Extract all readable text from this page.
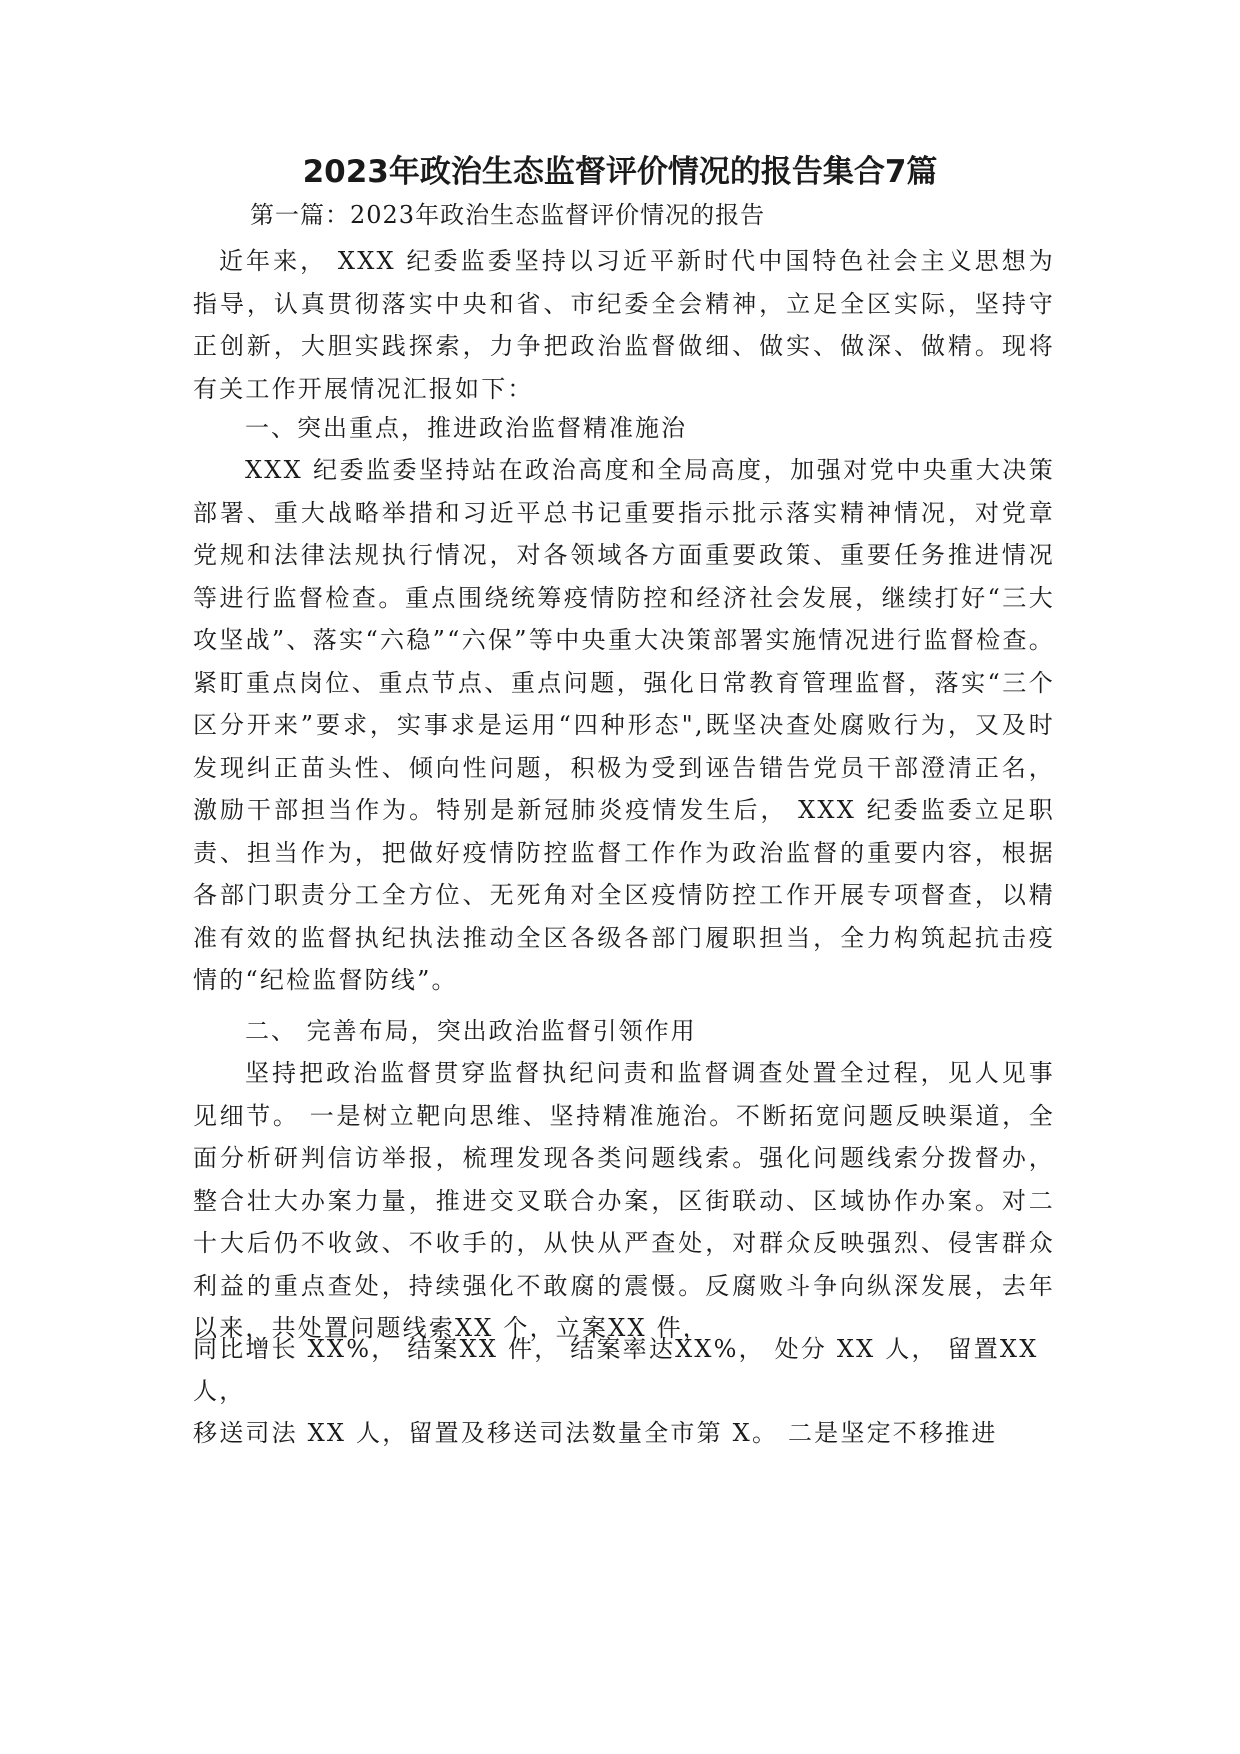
2023年政治生态监督评价情况的报告集合7篇
第一篇：2023年政治生态监督评价情况的报告
近年来， XXX 纪委监委坚持以习近平新时代中国特色社会主义思想为指导，认真贯彻落实中央和省、市纪委全会精神，立足全区实际，坚持守正创新，大胆实践探索，力争把政治监督做细、做实、做深、做精。现将有关工作开展情况汇报如下：
一、突出重点，推进政治监督精准施治
XXX 纪委监委坚持站在政治高度和全局高度，加强对党中央重大决策部署、重大战略举措和习近平总书记重要指示批示落实精神情况，对党章党规和法律法规执行情况，对各领域各方面重要政策、重要任务推进情况等进行监督检查。重点围绕统筹疫情防控和经济社会发展，继续打好“三大攻坚战”、落实“六稳”“六保”等中央重大决策部署实施情况进行监督检查。紧盯重点岗位、重点节点、重点问题，强化日常教育管理监督，落实“三个区分开来”要求，实事求是运用“四种形态",既坚决查处腐败行为，又及时发现纠正苗头性、倾向性问题，积极为受到诬告错告党员干部澄清正名，激励干部担当作为。特别是新冠肺炎疫情发生后， XXX 纪委监委立足职责、担当作为，把做好疫情防控监督工作作为政治监督的重要内容，根据各部门职责分工全方位、无死角对全区疫情防控工作开展专项督查，以精准有效的监督执纪执法推动全区各级各部门履职担当，全力构筑起抗击疫情的“纪检监督防线”。
二、 完善布局，突出政治监督引领作用
坚持把政治监督贯穿监督执纪问责和监督调查处置全过程，见人见事见细节。 一是树立靶向思维、坚持精准施治。不断拓宽问题反映渠道，全面分析研判信访举报，梳理发现各类问题线索。强化问题线索分拨督办，整合壮大办案力量，推进交叉联合办案，区街联动、区域协作办案。对二十大后仍不收敛、不收手的，从快从严查处，对群众反映强烈、侵害群众利益的重点查处，持续强化不敢腐的震慑。反腐败斗争向纵深发展，去年以来，共处置问题线索XX 个，立案XX 件，
同比增长 XX%， 结案XX 件， 结案率达XX%， 处分 XX 人， 留置XX
人，
移送司法 XX 人，留置及移送司法数量全市第 X。 二是坚定不移推进
